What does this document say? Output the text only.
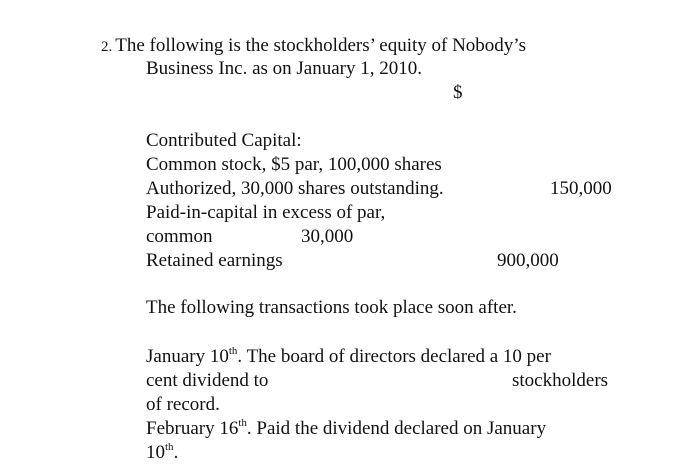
2. The following is the stockholders’ equity of Nobody’s
Business Inc. as on January 1, 2010.
$
Contributed Capital:
Common stock, $5 par, 100,000 shares
Authorized, 30,000 shares outstanding.	150,000
Paid-in-capital in excess of par,
common	30,000
Retained earnings	900,000
The following transactions took place soon after.
January 10th. The board of directors declared a 10 per
cent dividend to	stockholders
of record.
February 16th. Paid the dividend declared on January
10th.
